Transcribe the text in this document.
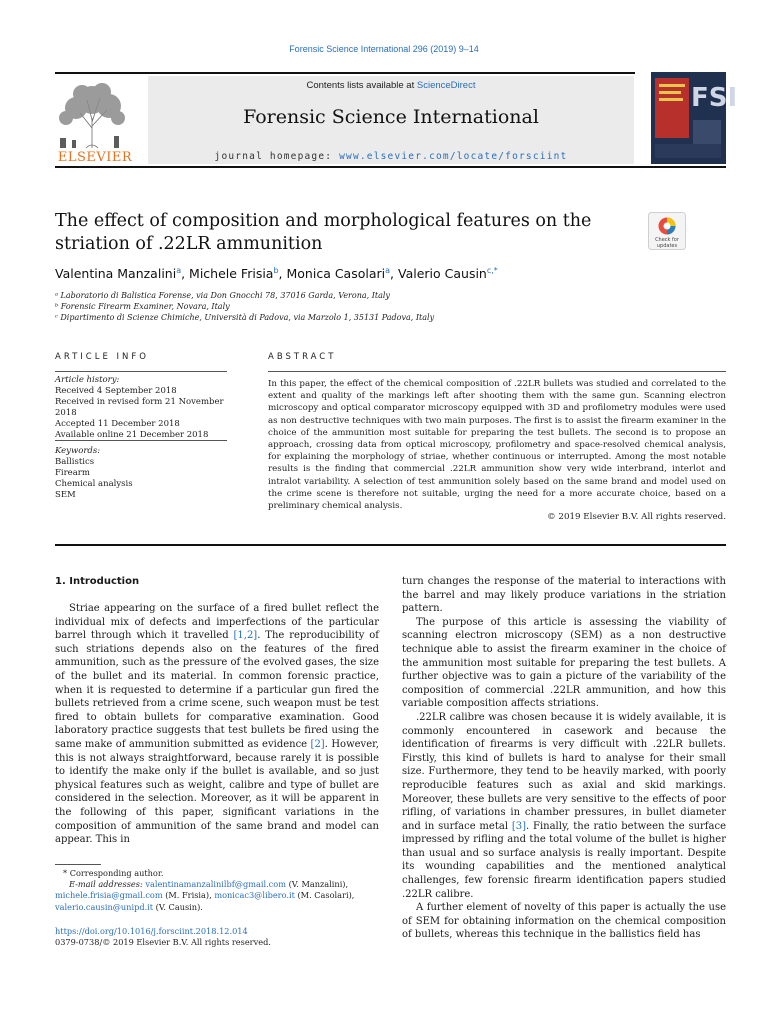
Forensic Science International 296 (2019) 9–14
ELSEVIER
Contents lists available at ScienceDirect
Forensic Science International
journal homepage: www.elsevier.com/locate/forsciint
FSI
The effect of composition and morphological features on the striation of .22LR ammunition	Check for
updates
Valentina Manzalini$^a$, Michele Frisia$^b$, Monica Casolari$^a$, Valerio Causin$^{c,*}$
ᵃ Laboratorio di Balistica Forense, via Don Gnocchi 78, 37016 Garda, Verona, Italy
ᵇ Forensic Firearm Examiner, Novara, Italy
ᶜ Dipartimento di Scienze Chimiche, Università di Padova, via Marzolo 1, 35131 Padova, Italy
ARTICLE INFO
Article history:
Received 4 September 2018
Received in revised form 21 November 2018
Accepted 11 December 2018
Available online 21 December 2018
Keywords:
Ballistics
Firearm
Chemical analysis
SEM
ABSTRACT
In this paper, the effect of the chemical composition of .22LR bullets was studied and correlated to the extent and quality of the markings left after shooting them with the same gun. Scanning electron microscopy and optical comparator microscopy equipped with 3D and profilometry modules were used as non destructive techniques with two main purposes. The first is to assist the firearm examiner in the choice of the ammunition most suitable for preparing the test bullets. The second is to propose an approach, crossing data from optical microscopy, profilometry and space-resolved chemical analysis, for explaining the morphology of striae, whether continuous or interrupted. Among the most notable results is the finding that commercial .22LR ammunition show very wide interbrand, interlot and intralot variability. A selection of test ammunition solely based on the same brand and model used on the crime scene is therefore not suitable, urging the need for a more accurate choice, based on a preliminary chemical analysis.
© 2019 Elsevier B.V. All rights reserved.
1. Introduction

Striae appearing on the surface of a fired bullet reflect the individual mix of defects and imperfections of the particular barrel through which it travelled [1,2]. The reproducibility of such striations depends also on the features of the fired ammunition, such as the pressure of the evolved gases, the size of the bullet and its material. In common forensic practice, when it is requested to determine if a particular gun fired the bullets retrieved from a crime scene, such weapon must be test fired to obtain bullets for comparative examination. Good laboratory practice suggests that test bullets be fired using the same make of ammunition submitted as evidence [2]. However, this is not always straightforward, because rarely it is possible to identify the make only if the bullet is available, and so just physical features such as weight, calibre and type of bullet are considered in the selection. Moreover, as it will be apparent in the following of this paper, significant variations in the composition of ammunition of the same brand and model can appear. This in

turn changes the response of the material to interactions with the barrel and may likely produce variations in the striation pattern.

The purpose of this article is assessing the viability of scanning electron microscopy (SEM) as a non destructive technique able to assist the firearm examiner in the choice of the ammunition most suitable for preparing the test bullets. A further objective was to gain a picture of the variability of the composition of commercial .22LR ammunition, and how this variable composition affects striations.

.22LR calibre was chosen because it is widely available, it is commonly encountered in casework and because the identification of firearms is very difficult with .22LR bullets. Firstly, this kind of bullets is hard to analyse for their small size. Furthermore, they tend to be heavily marked, with poorly reproducible features such as axial and skid markings. Moreover, these bullets are very sensitive to the effects of poor rifling, of variations in chamber pressures, in bullet diameter and in surface metal [3]. Finally, the ratio between the surface impressed by rifling and the total volume of the bullet is higher than usual and so surface analysis is really important. Despite its wounding capabilities and the mentioned analytical challenges, few forensic firearm identification papers studied .22LR calibre.

A further element of novelty of this paper is actually the use of SEM for obtaining information on the chemical composition of bullets, whereas this technique in the ballistics field has

* Corresponding author.
E-mail addresses: valentinamanzalinilbf@gmail.com (V. Manzalini),
michele.frisia@gmail.com (M. Frisia), monicac3@libero.it (M. Casolari),
valerio.causin@unipd.it (V. Causin).
https://doi.org/10.1016/j.forsciint.2018.12.014
0379-0738/© 2019 Elsevier B.V. All rights reserved.
